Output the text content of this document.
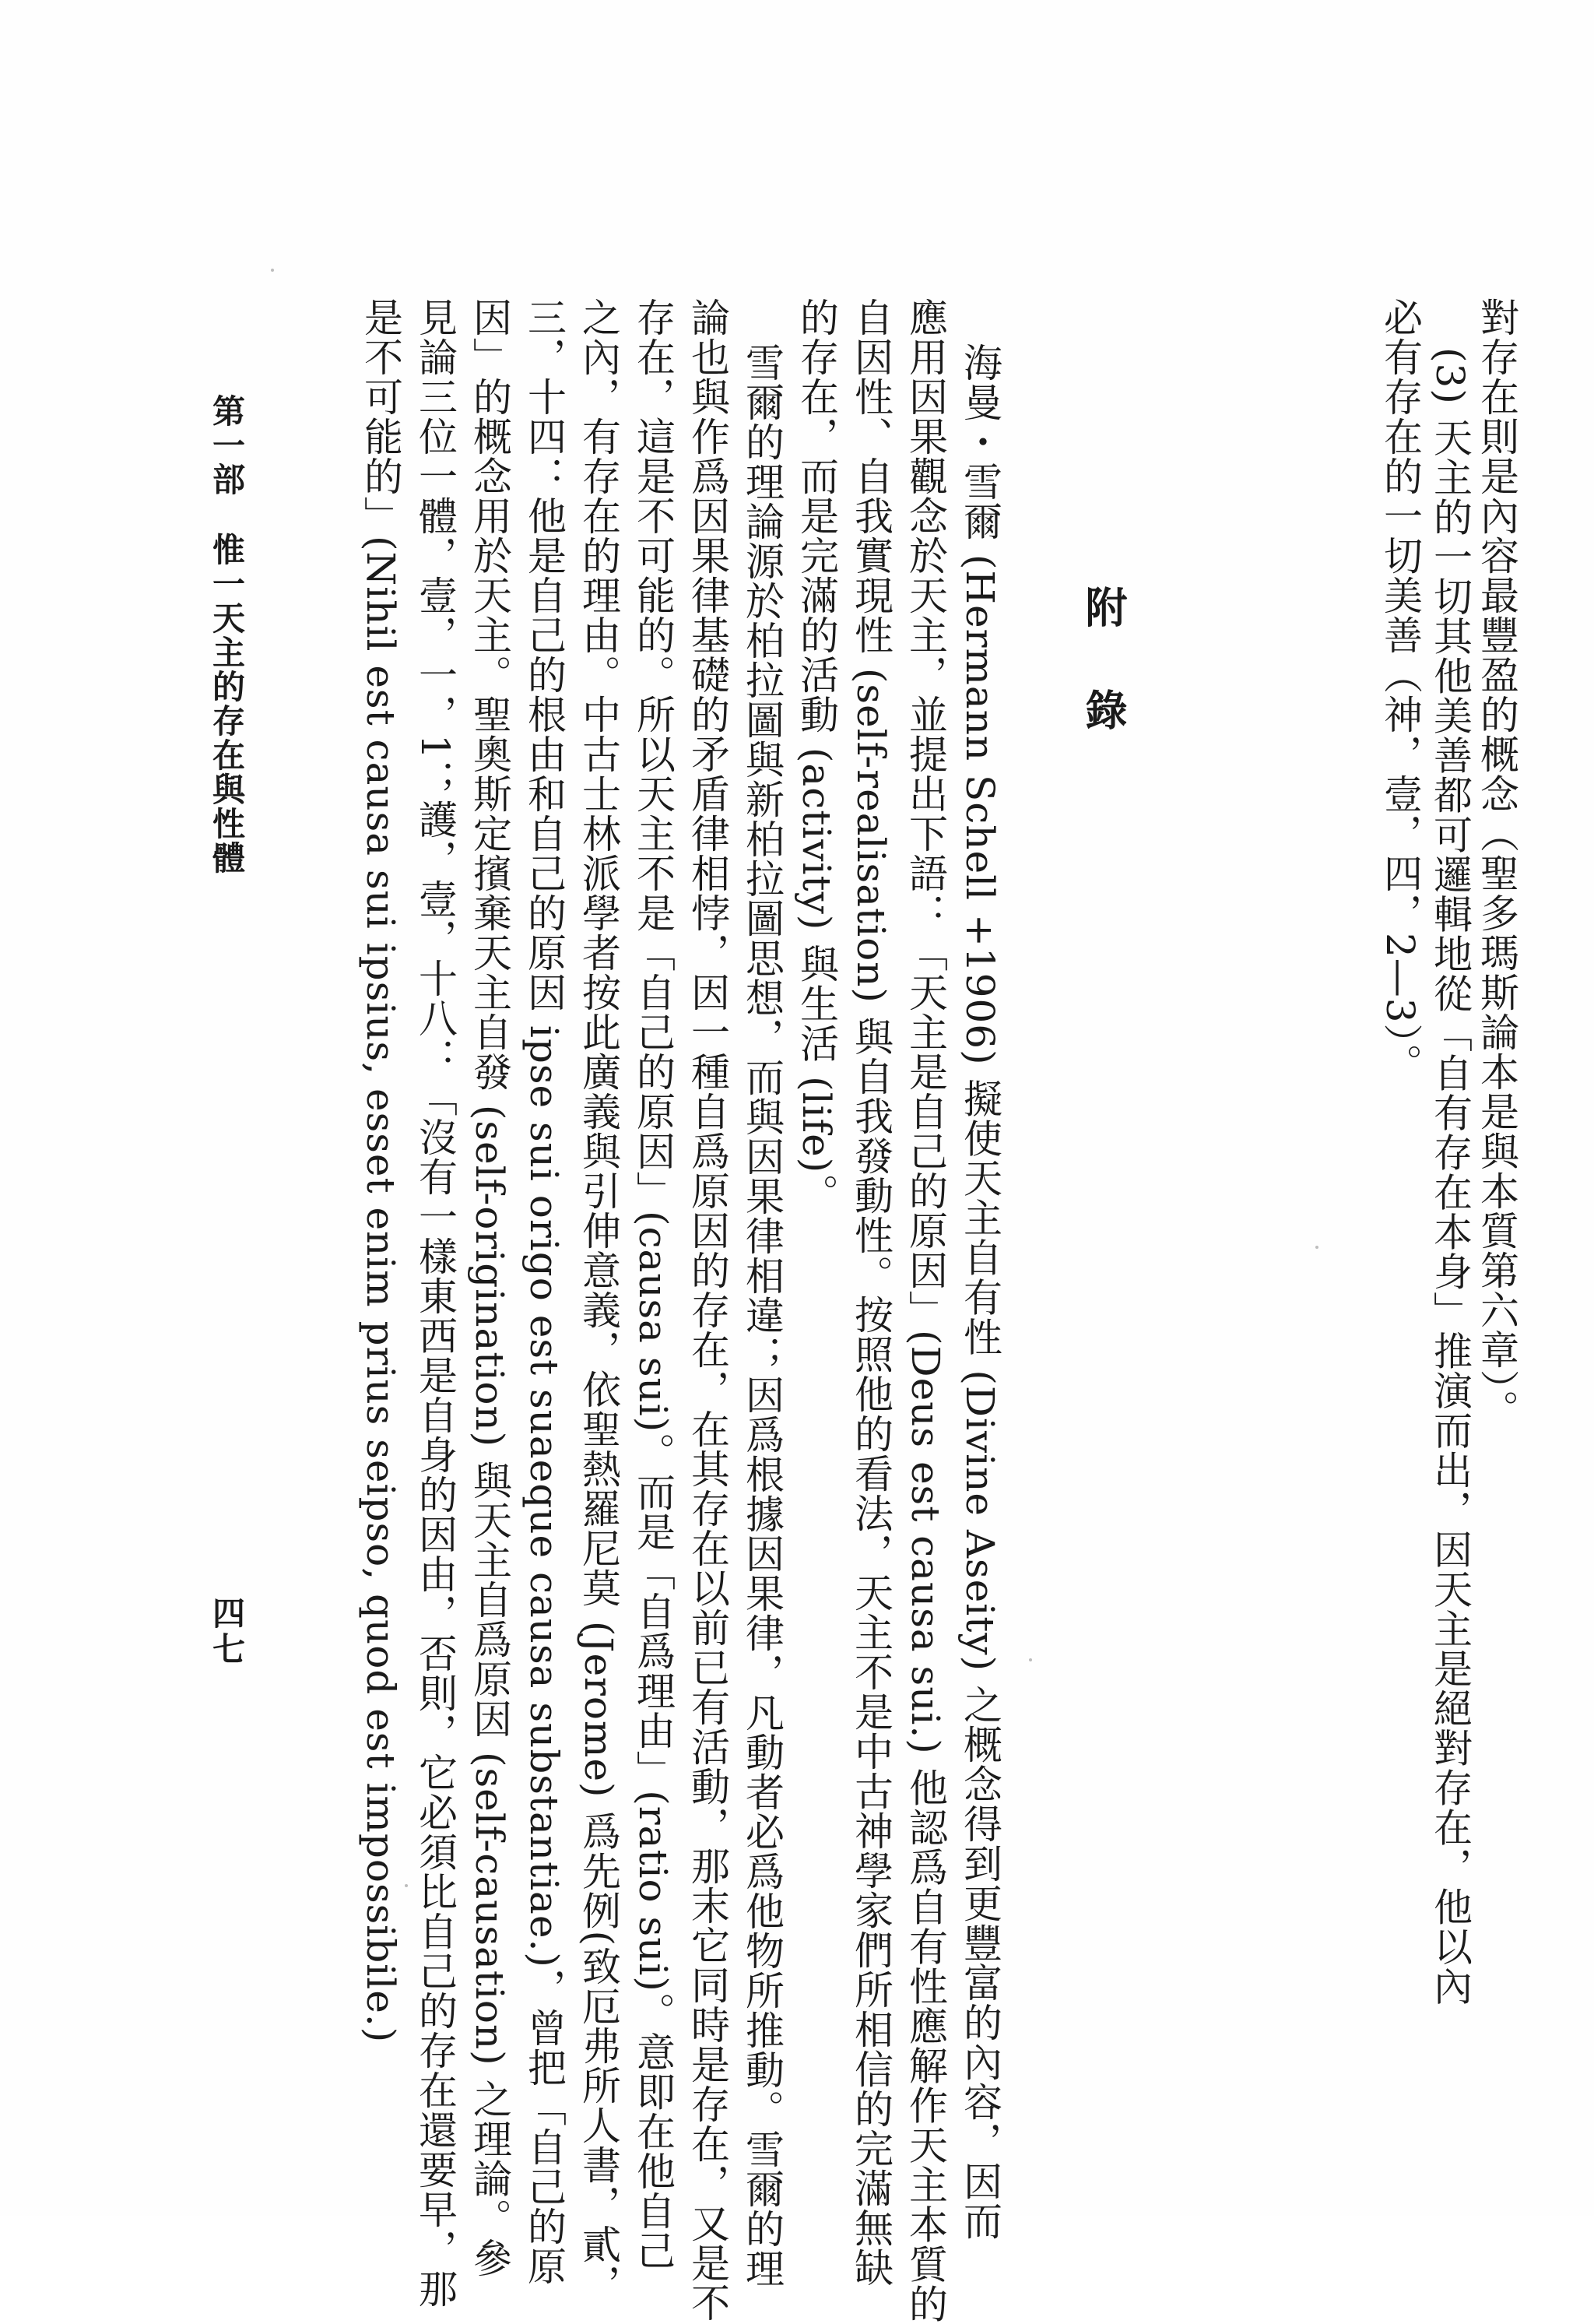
對存在則是內容最豐盈的概念（聖多瑪斯論本是與本質第六章）。
(3) 天主的一切其他美善都可邏輯地從「自有存在本身」推演而出，因天主是絕對存在，他以內
必有存在的一切美善（神，壹，四，2—3）。
附錄
海曼・雪爾 (Hermann Schell +1906) 擬使天主自有性 (Divine Aseity) 之概念得到更豐富的內容，因而
應用因果觀念於天主，並提出下語：「天主是自己的原因」(Deus est causa sui.) 他認爲自有性應解作天主本質的
自因性、自我實現性 (self-realisation) 與自我發動性。按照他的看法，天主不是中古神學家們所相信的完滿無缺
的存在，而是完滿的活動 (activity) 與生活 (life)。
雪爾的理論源於柏拉圖與新柏拉圖思想，而與因果律相違；因爲根據因果律，凡動者必爲他物所推動。雪爾的理
論也與作爲因果律基礎的矛盾律相悖，因一種自爲原因的存在，在其存在以前已有活動，那末它同時是存在，又是不
存在，這是不可能的。所以天主不是「自己的原因」(causa sui)。而是「自爲理由」(ratio sui)。意即在他自己
之內，有存在的理由。中古士林派學者按此廣義與引伸意義，依聖熱羅尼莫 (Jerome) 爲先例(致厄弗所人書，貳，
三，十四：他是自己的根由和自己的原因 ipse sui origo est suaeque causa substantiae.)，曾把「自己的原
因」的概念用於天主。聖奧斯定擯棄天主自發 (self-origination) 與天主自爲原因 (self-causation) 之理論。參
見論三位一體，壹，一，1；護，壹，十八：「沒有一樣東西是自身的因由，否則，它必須比自己的存在還要早，那
是不可能的」(Nihil est causa sui ipsius, esset enim prius seipso, quod est impossibile.)
第一部惟一天主的存在與性體
四七
